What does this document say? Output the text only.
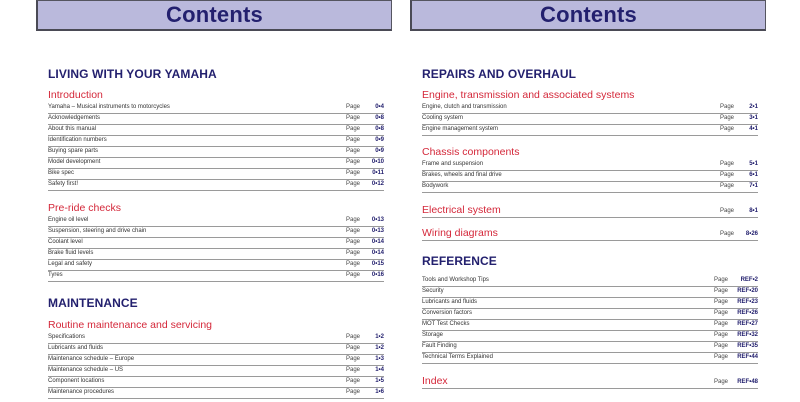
Contents
LIVING WITH YOUR YAMAHA
Introduction
Yamaha – Musical instruments to motorcycles	Page	0•4
Acknowledgements	Page	0•8
About this manual	Page	0•8
Identification numbers	Page	0•9
Buying spare parts	Page	0•9
Model development	Page 0•10
Bike spec	Page 0•11
Safety first!	Page 0•12
Pre-ride checks
Engine oil level	Page 0•13
Suspension, steering and drive chain	Page 0•13
Coolant level	Page 0•14
Brake fluid levels	Page 0•14
Legal and safety	Page 0•15
Tyres	Page 0•16
MAINTENANCE
Routine maintenance and servicing
Specifications	Page	1•2
Lubricants and fluids	Page	1•2
Maintenance schedule – Europe	Page	1•3
Maintenance schedule – US	Page	1•4
Component locations	Page	1•5
Maintenance procedures	Page	1•6
Contents
REPAIRS AND OVERHAUL
Engine, transmission and associated systems
Engine, clutch and transmission	Page	2•1
Cooling system	Page	3•1
Engine management system	Page	4•1
Chassis components
Frame and suspension	Page	5•1
Brakes, wheels and final drive	Page	6•1
Bodywork	Page	7•1
Electrical system	Page	8•1
Wiring diagrams	Page 8•26
REFERENCE
Tools and Workshop Tips	Page REF•2
Security	Page REF•20
Lubricants and fluids	Page REF•23
Conversion factors	Page REF•26
MOT Test Checks	Page REF•27
Storage	Page REF•32
Fault Finding	Page REF•35
Technical Terms Explained	Page REF•44
Index	Page REF•48
